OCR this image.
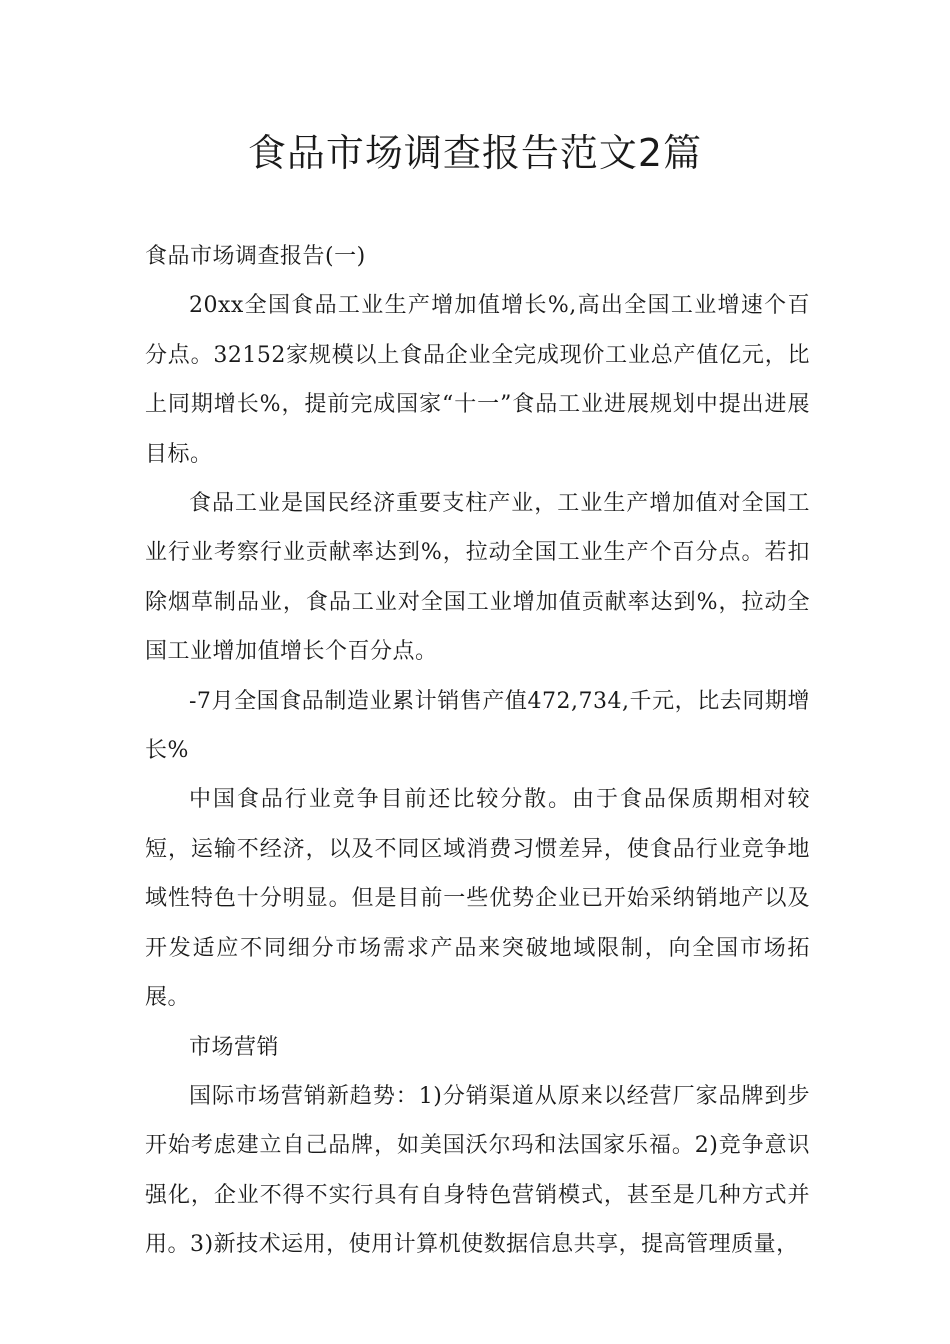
食品市场调查报告范文2篇

食品市场调查报告(一)

20xx全国食品工业生产增加值增长%,高出全国工业增速个百分点。32152家规模以上食品企业全完成现价工业总产值亿元，比上同期增长%，提前完成国家“十一”食品工业进展规划中提出进展目标。

食品工业是国民经济重要支柱产业，工业生产增加值对全国工业行业考察行业贡献率达到%，拉动全国工业生产个百分点。若扣除烟草制品业，食品工业对全国工业增加值贡献率达到%，拉动全国工业增加值增长个百分点。

-7月全国食品制造业累计销售产值472,734,千元，比去同期增长%

中国食品行业竞争目前还比较分散。由于食品保质期相对较短，运输不经济，以及不同区域消费习惯差异，使食品行业竞争地域性特色十分明显。但是目前一些优势企业已开始采纳销地产以及开发适应不同细分市场需求产品来突破地域限制，向全国市场拓展。

市场营销

国际市场营销新趋势：1)分销渠道从原来以经营厂家品牌到步开始考虑建立自己品牌，如美国沃尔玛和法国家乐福。2)竞争意识强化，企业不得不实行具有自身特色营销模式，甚至是几种方式并用。3)新技术运用，使用计算机使数据信息共享，提高管理质量，
